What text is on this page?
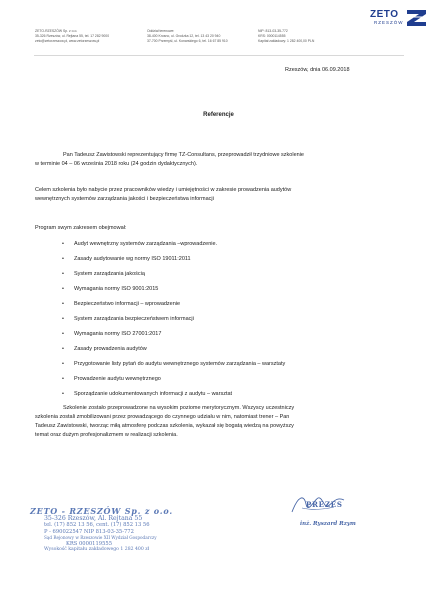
ZETO-RZESZÓW Sp. z o.o.
35-326 Rzeszów, ul. Rejtana 55, tel. 17 282 9000
zeto@zetorzeszow.pl, www.zetorzeszow.pl
Oddział terenowe:
38-400 Krosno, ul. Grodzka 12, tel. 13 43 20 940
37-700 Przemyśl, ul. Konarskiego 6, tel. 16 67 85 910
NIP: 813-03-35-772
KRS: 0000114555
Kapitał zakładowy: 1 282 400,00 PLN
ZETO
RZESZÓW
Rzeszów, dnia 06.09.2018
Referencje
Pan Tadeusz Zawistowski reprezentujący firmę TZ-Consultans, przeprowadził trzydniowe szkolenie
w terminie 04 – 06 września 2018 roku (24 godzin dydaktycznych).
Celem szkolenia było nabycie przez pracowników wiedzy i umiejętności w zakresie prowadzenia audytów
wewnętrznych systemów zarządzania jakości i bezpieczeństwa informacji
Program swym zakresem obejmował:
• Audyt wewnętrzny systemów zarządzania –wprowadzenie.
• Zasady audytowanie wg normy ISO 19011:2011
• System zarządzania jakością
• Wymagania normy ISO 9001:2015
• Bezpieczeństwo informacji – wprowadzenie
• System zarządzania bezpieczeństwem informacji
• Wymagania normy ISO 27001:2017
• Zasady prowadzenia audytów
• Przygotowanie listy pytań do audytu wewnętrznego systemów zarządzania – warsztaty
• Prowadzenie audytu wewnętrznego
• Sporządzanie udokumentowanych informacji z audytu – warsztat
Szkolenie zostało przeprowadzone na wysokim poziome merytorycznym. Wszyscy uczestniczy
szkolenia zostali zmobilizowani przez prowadzącego do czynnego udziału w nim, natomiast trener – Pan
Tadeusz Zawistowski, tworząc miłą atmosferę podczas szkolenia, wykazał się bogatą wiedzą na powyższy
temat oraz dużym profesjonalizmem w realizacji szkolenia.
ZETO - RZESZÓW Sp. z o.o.
35-326 Rzeszów, Al. Rejtana 55
tel. (17) 852 13 56, cent. (17) 852 13 56
P - 690022547 NIP 813-03-35-772
Sąd Rejonowy w Rzeszowie XII Wydział Gospodarczy
KRS 0000119555
Wysokość kapitału zakładowego 1 282 400 zł
PREZES
inż. Ryszard Rzym
